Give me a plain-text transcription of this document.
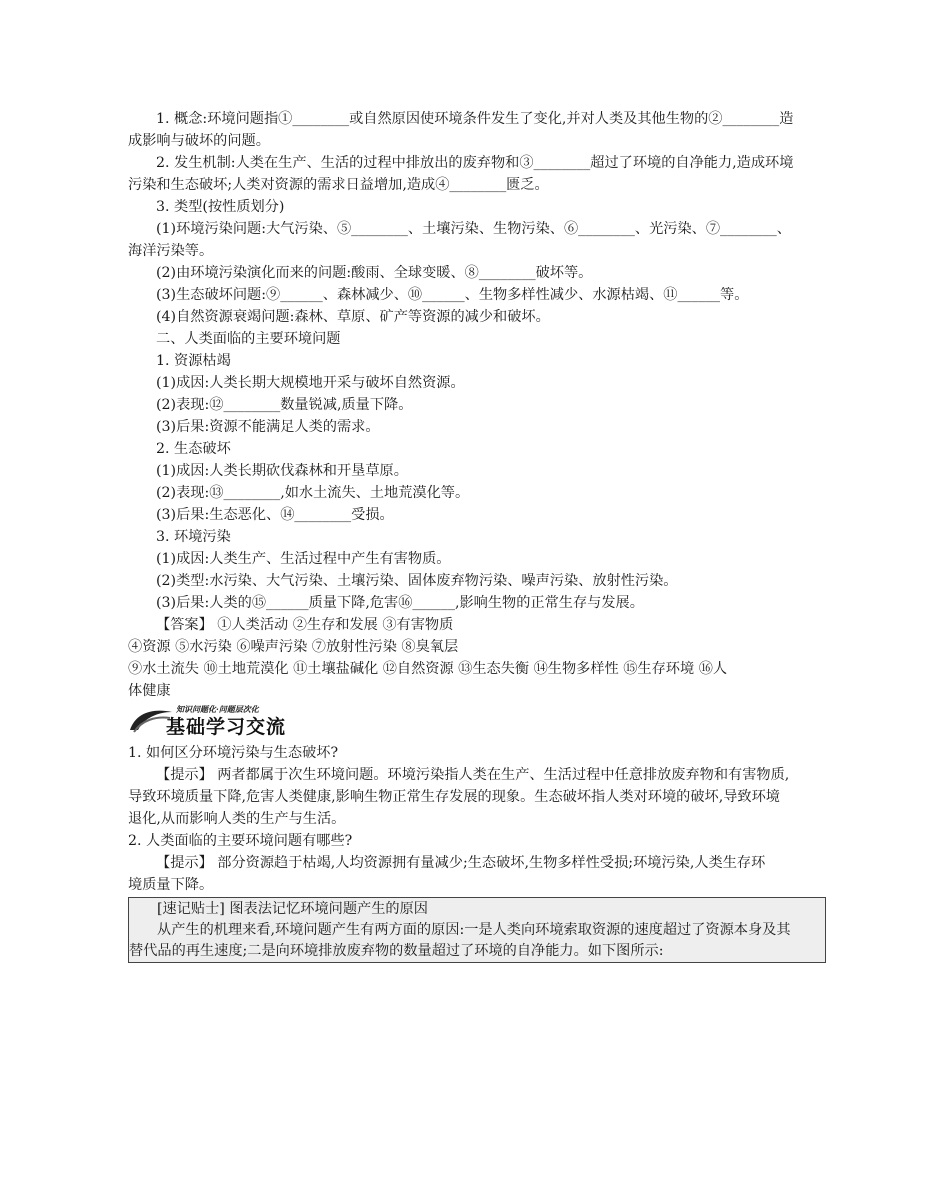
1. 概念:环境问题指①________或自然原因使环境条件发生了变化,并对人类及其他生物的②________造
成影响与破坏的问题。
2. 发生机制:人类在生产、生活的过程中排放出的废弃物和③________超过了环境的自净能力,造成环境
污染和生态破坏;人类对资源的需求日益增加,造成④________匮乏。
3. 类型(按性质划分)
(1)环境污染问题:大气污染、⑤________、土壤污染、生物污染、⑥________、光污染、⑦________、
海洋污染等。
(2)由环境污染演化而来的问题:酸雨、全球变暖、⑧________破坏等。
(3)生态破坏问题:⑨______、森林减少、⑩______、生物多样性减少、水源枯竭、⑪______等。
(4)自然资源衰竭问题:森林、草原、矿产等资源的减少和破坏。
二、人类面临的主要环境问题
1. 资源枯竭
(1)成因:人类长期大规模地开采与破坏自然资源。
(2)表现:⑫________数量锐减,质量下降。
(3)后果:资源不能满足人类的需求。
2. 生态破坏
(1)成因:人类长期砍伐森林和开垦草原。
(2)表现:⑬________,如水土流失、土地荒漠化等。
(3)后果:生态恶化、⑭________受损。
3. 环境污染
(1)成因:人类生产、生活过程中产生有害物质。
(2)类型:水污染、大气污染、土壤污染、固体废弃物污染、噪声污染、放射性污染。
(3)后果:人类的⑮______质量下降,危害⑯______,影响生物的正常生存与发展。
【答案】 ①人类活动 ②生存和发展 ③有害物质
④资源 ⑤水污染 ⑥噪声污染 ⑦放射性污染 ⑧臭氧层
⑨水土流失 ⑩土地荒漠化 ⑪土壤盐碱化 ⑫自然资源 ⑬生态失衡 ⑭生物多样性 ⑮生存环境 ⑯人
体健康
知识问题化·问题层次化
基础学习交流
1. 如何区分环境污染与生态破坏?
【提示】 两者都属于次生环境问题。环境污染指人类在生产、生活过程中任意排放废弃物和有害物质,
导致环境质量下降,危害人类健康,影响生物正常生存发展的现象。生态破坏指人类对环境的破坏,导致环境
退化,从而影响人类的生产与生活。
2. 人类面临的主要环境问题有哪些?
【提示】 部分资源趋于枯竭,人均资源拥有量减少;生态破坏,生物多样性受损;环境污染,人类生存环
境质量下降。
[速记贴士] 图表法记忆环境问题产生的原因
从产生的机理来看,环境问题产生有两方面的原因:一是人类向环境索取资源的速度超过了资源本身及其
替代品的再生速度;二是向环境排放废弃物的数量超过了环境的自净能力。如下图所示:
